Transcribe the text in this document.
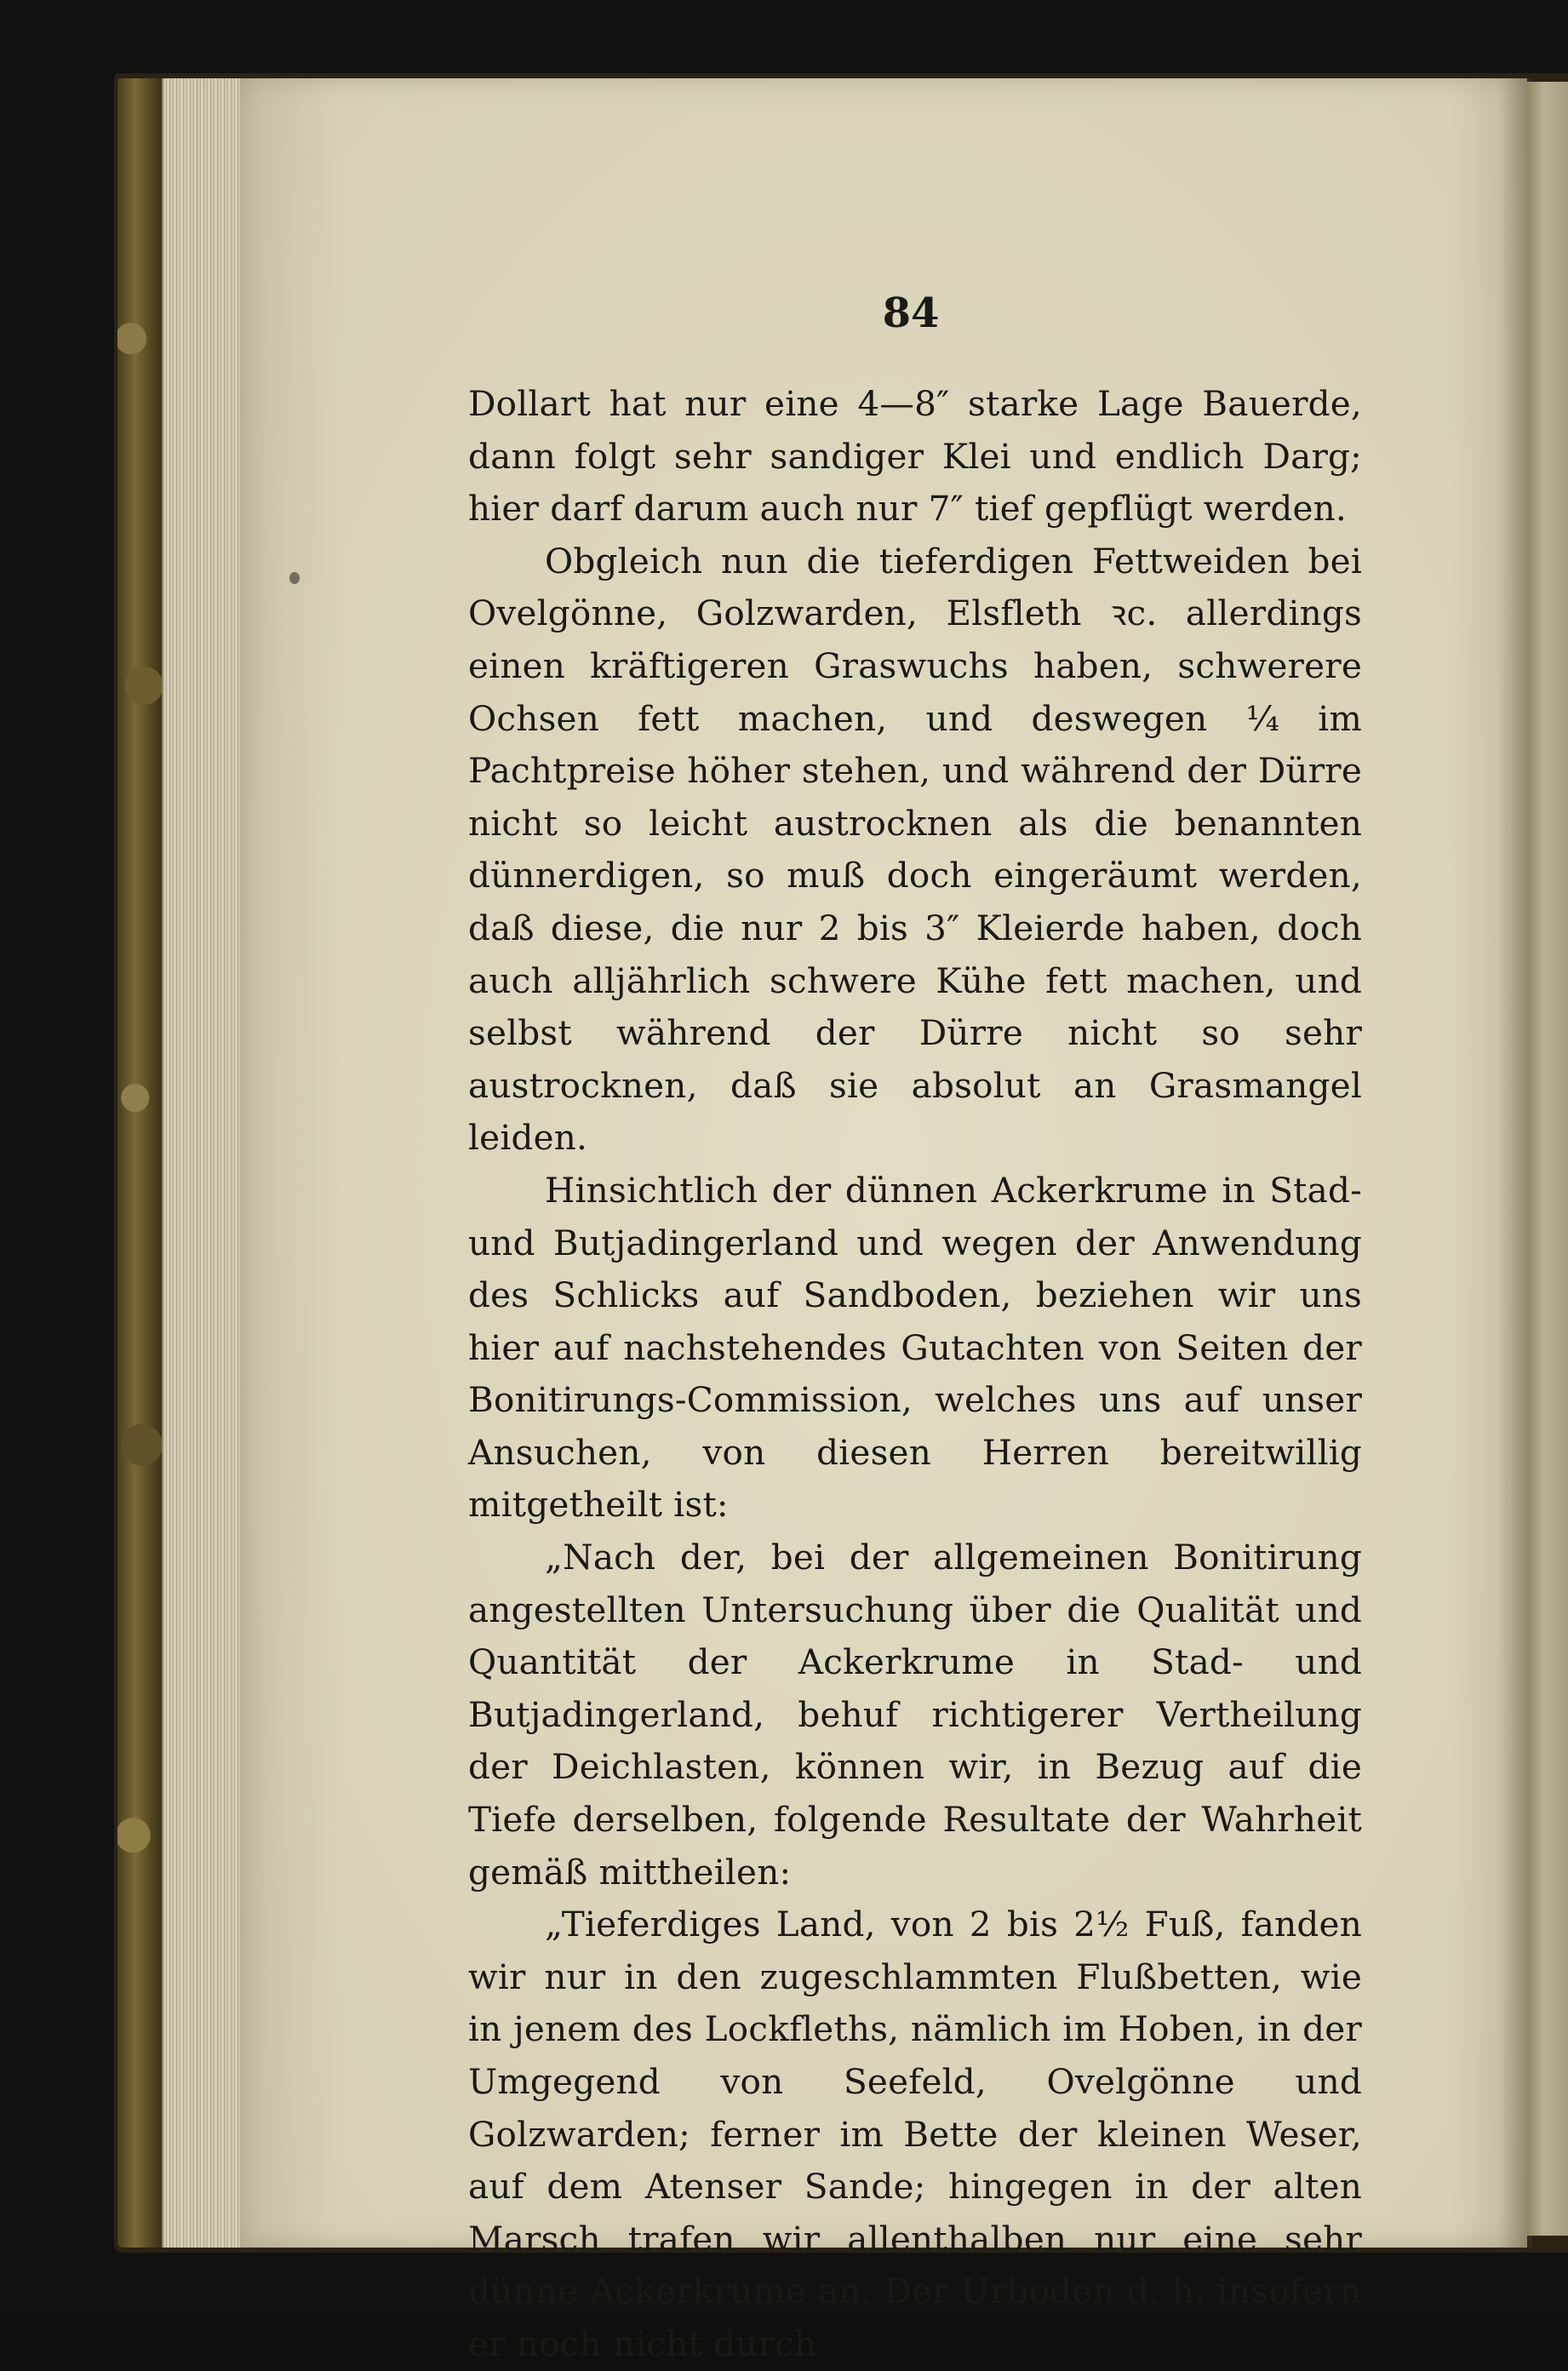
84

Dollart hat nur eine 4—8″ starke Lage Bauerde, dann folgt sehr sandiger Klei und endlich Darg; hier darf darum auch nur 7″ tief gepflügt werden.

Obgleich nun die tieferdigen Fettweiden bei Ovelgönne, Golzwarden, Elsfleth ꝛc. allerdings einen kräftigeren Graswuchs haben, schwerere Ochsen fett machen, und deswegen ¼ im Pachtpreise höher stehen, und während der Dürre nicht so leicht austrocknen als die benannten dünnerdigen, so muß doch eingeräumt werden, daß diese, die nur 2 bis 3″ Kleierde haben, doch auch alljährlich schwere Kühe fett machen, und selbst während der Dürre nicht so sehr austrocknen, daß sie absolut an Grasmangel leiden.

Hinsichtlich der dünnen Ackerkrume in Stad- und Butjadingerland und wegen der Anwendung des Schlicks auf Sandboden, beziehen wir uns hier auf nachstehendes Gutachten von Seiten der Bonitirungs-Commission, welches uns auf unser Ansuchen, von diesen Herren bereitwillig mitgetheilt ist:

„Nach der, bei der allgemeinen Bonitirung angestellten Untersuchung über die Qualität und Quantität der Ackerkrume in Stad- und Butjadingerland, behuf richtigerer Vertheilung der Deichlasten, können wir, in Bezug auf die Tiefe derselben, folgende Resultate der Wahrheit gemäß mittheilen:

„Tieferdiges Land, von 2 bis 2½ Fuß, fanden wir nur in den zugeschlammten Flußbetten, wie in jenem des Lockfleths, nämlich im Hoben, in der Umgegend von Seefeld, Ovelgönne und Golzwarden; ferner im Bette der kleinen Weser, auf dem Atenser Sande; hingegen in der alten Marsch trafen wir allenthalben nur eine sehr dünne Ackerkrume an. Der Urboden d. h. insofern er noch nicht durch
